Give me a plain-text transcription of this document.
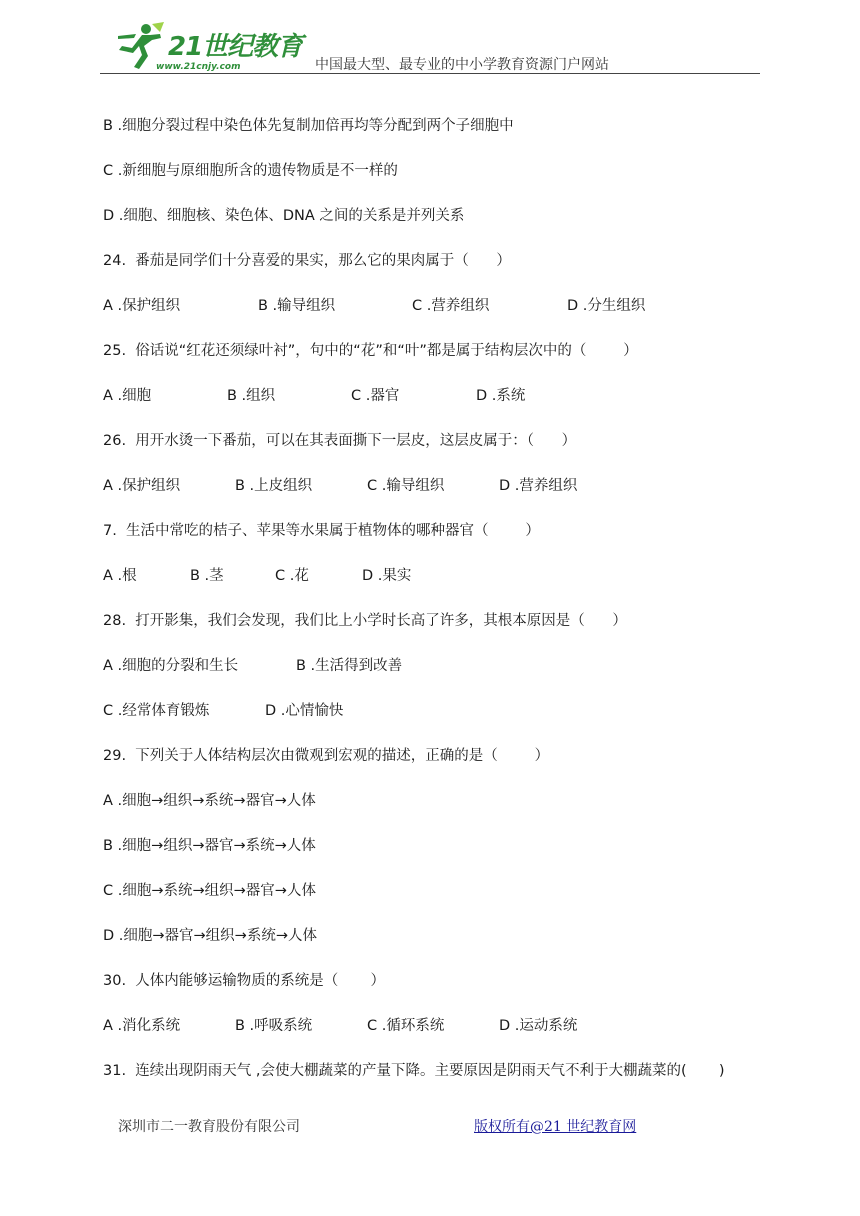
21世纪教育
www.21cnjy.com	中国最大型、最专业的中小学教育资源门户网站
B .细胞分裂过程中染色体先复制加倍再均等分配到两个子细胞中
C .新细胞与原细胞所含的遗传物质是不一样的
D .细胞、细胞核、染色体、DNA 之间的关系是并列关系
24.  番茄是同学们十分喜爱的果实，那么它的果肉属于（      ）
A .保护组织	B .输导组织	C .营养组织	D .分生组织
25.  俗话说“红花还须绿叶衬”，句中的“花”和“叶”都是属于结构层次中的（        ）
A .细胞	B .组织	C .器官	D .系统
26.  用开水烫一下番茄，可以在其表面撕下一层皮，这层皮属于：（      ）
A .保护组织	B .上皮组织	C .输导组织	D .营养组织
7.  生活中常吃的桔子、苹果等水果属于植物体的哪种器官（        ）
A .根	B .茎	C .花	D .果实
28.  打开影集，我们会发现，我们比上小学时长高了许多，其根本原因是（      ）
A .细胞的分裂和生长	B .生活得到改善
C .经常体育锻炼	D .心情愉快
29.  下列关于人体结构层次由微观到宏观的描述，正确的是（        ）
A .细胞→组织→系统→器官→人体
B .细胞→组织→器官→系统→人体
C .细胞→系统→组织→器官→人体
D .细胞→器官→组织→系统→人体
30.  人体内能够运输物质的系统是（       ）
A .消化系统	B .呼吸系统	C .循环系统	D .运动系统
31.  连续出现阴雨天气 ,会使大棚蔬菜的产量下降。主要原因是阴雨天气不利于大棚蔬菜的(       )
深圳市二一教育股份有限公司	版权所有@21 世纪教育网
